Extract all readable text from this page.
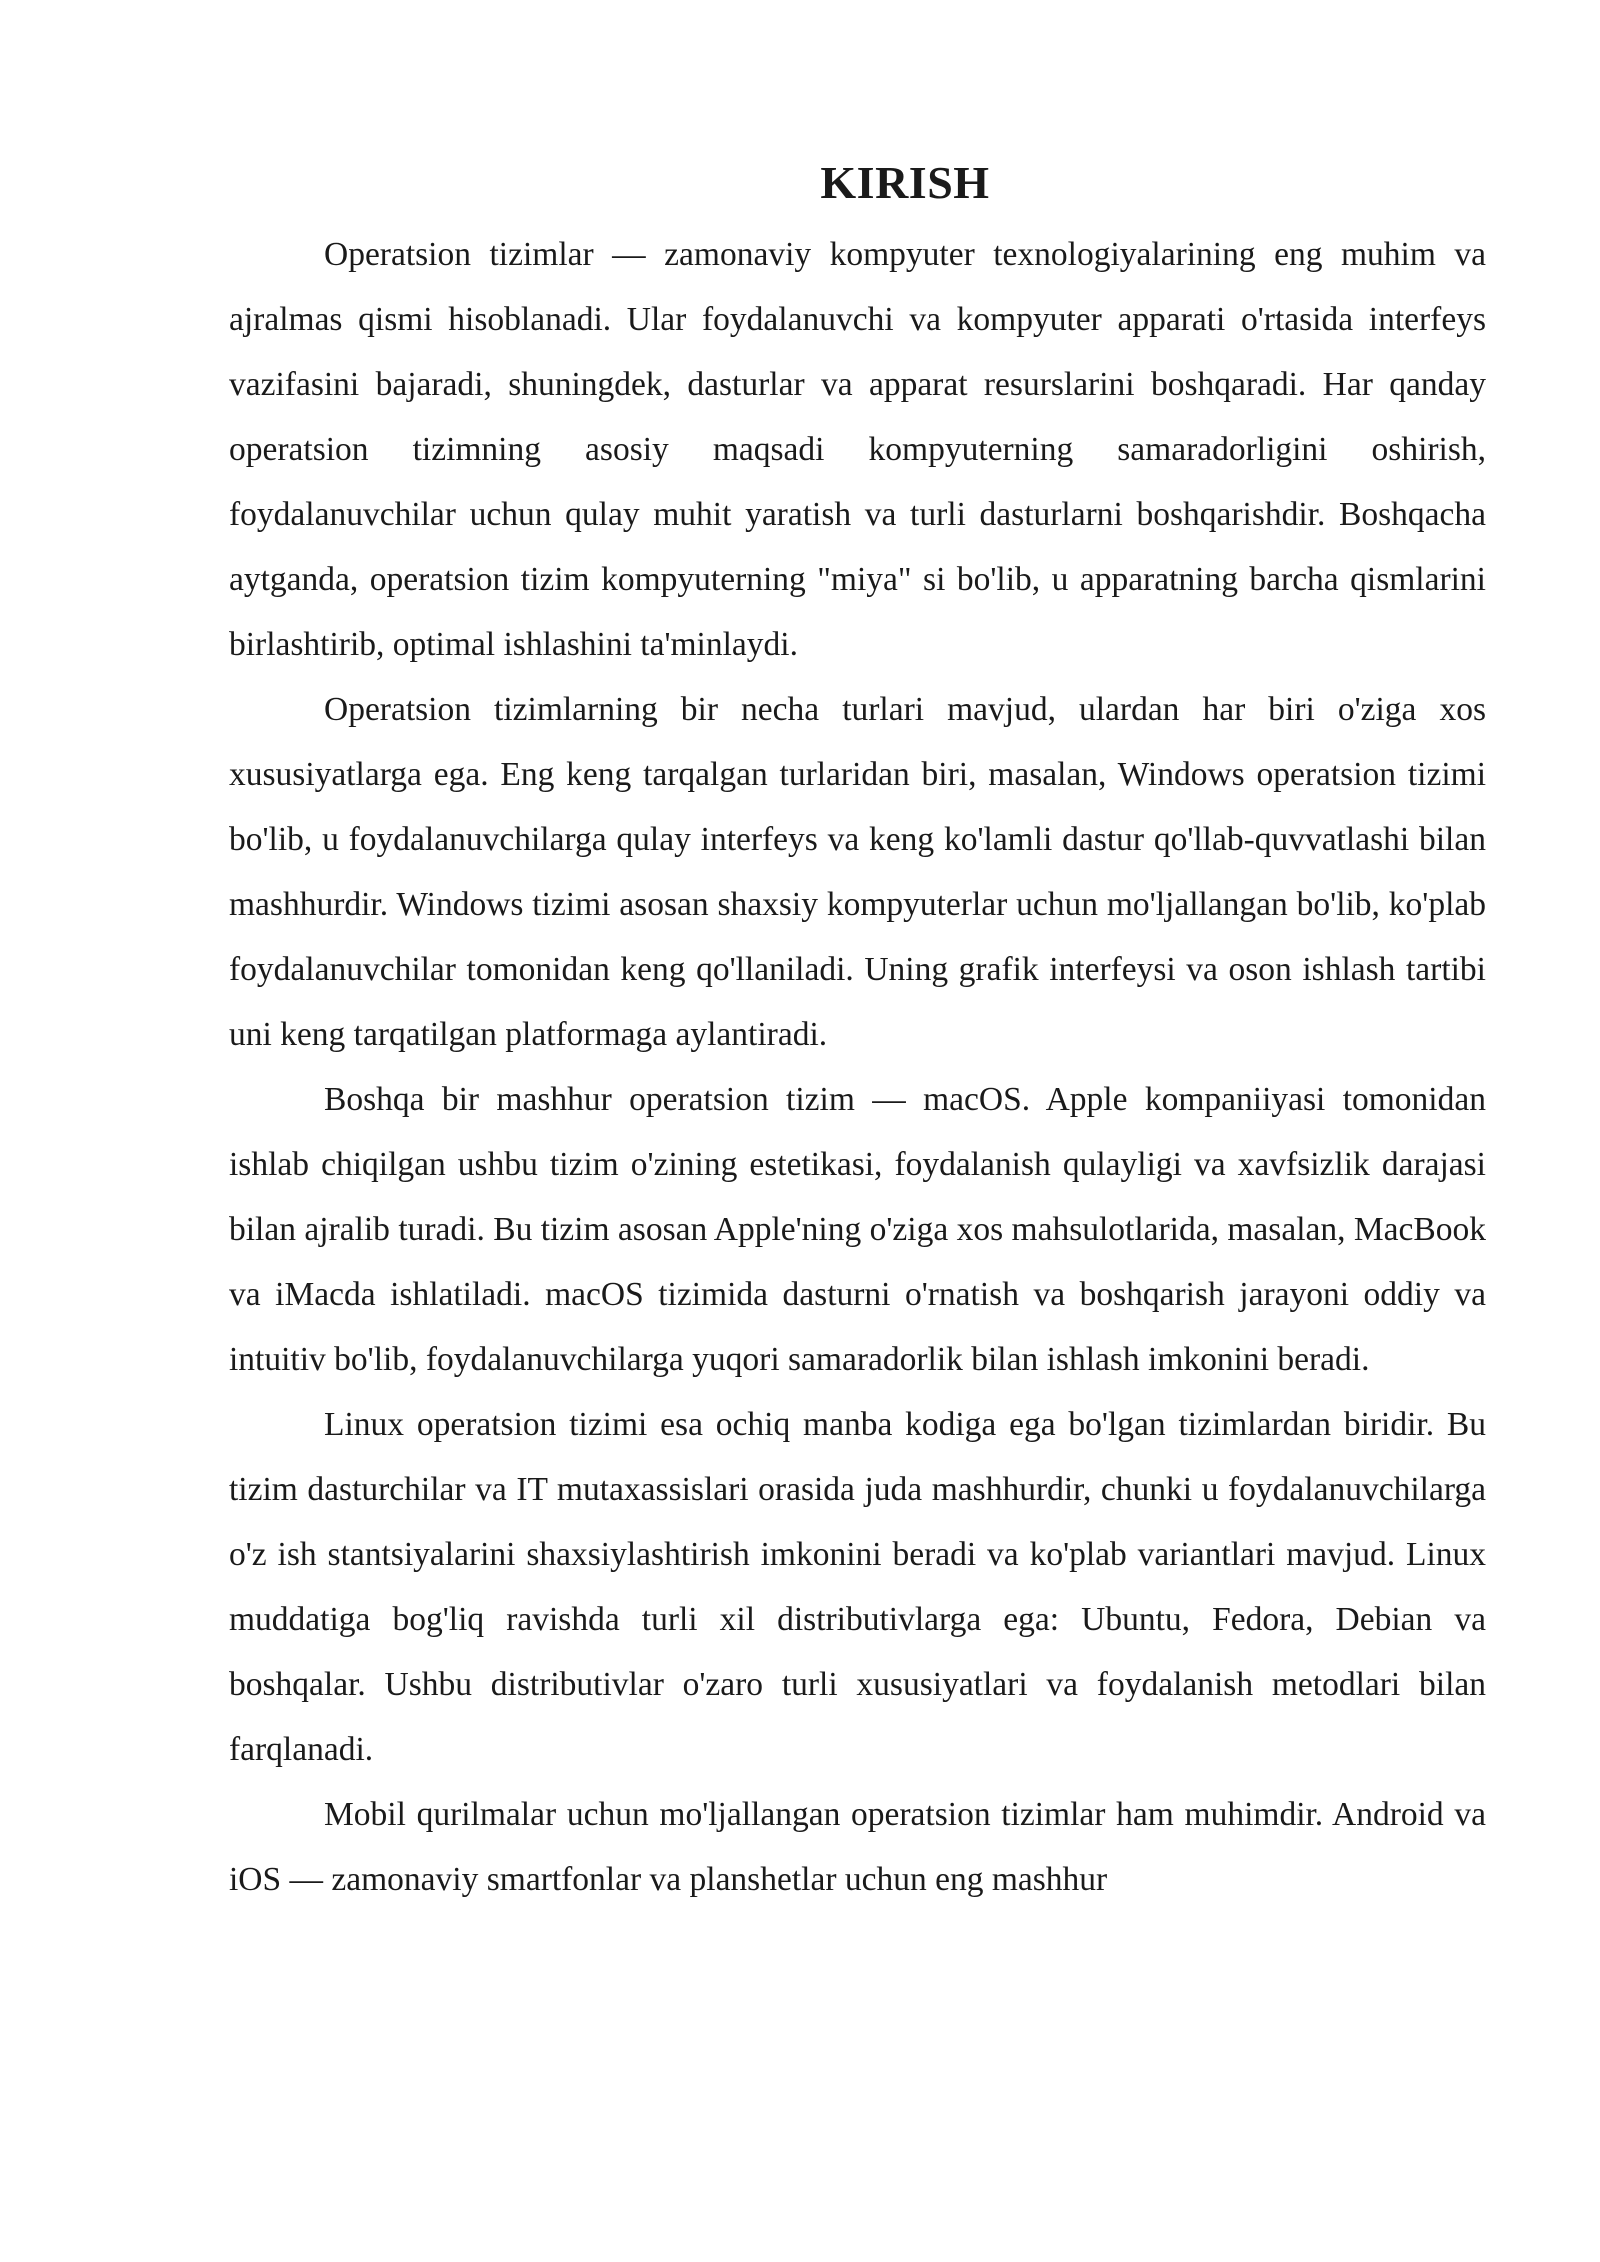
KIRISH

Operatsion tizimlar — zamonaviy kompyuter texnologiyalarining eng muhim va ajralmas qismi hisoblanadi. Ular foydalanuvchi va kompyuter apparati o'rtasida interfeys vazifasini bajaradi, shuningdek, dasturlar va apparat resurslarini boshqaradi. Har qanday operatsion tizimning asosiy maqsadi kompyuterning samaradorligini oshirish, foydalanuvchilar uchun qulay muhit yaratish va turli dasturlarni boshqarishdir. Boshqacha aytganda, operatsion tizim kompyuterning "miya" si bo'lib, u apparatning barcha qismlarini birlashtirib, optimal ishlashini ta'minlaydi.

Operatsion tizimlarning bir necha turlari mavjud, ulardan har biri o'ziga xos xususiyatlarga ega. Eng keng tarqalgan turlaridan biri, masalan, Windows operatsion tizimi bo'lib, u foydalanuvchilarga qulay interfeys va keng ko'lamli dastur qo'llab-quvvatlashi bilan mashhurdir. Windows tizimi asosan shaxsiy kompyuterlar uchun mo'ljallangan bo'lib, ko'plab foydalanuvchilar tomonidan keng qo'llaniladi. Uning grafik interfeysi va oson ishlash tartibi uni keng tarqatilgan platformaga aylantiradi.

Boshqa bir mashhur operatsion tizim — macOS. Apple kompaniiyasi tomonidan ishlab chiqilgan ushbu tizim o'zining estetikasi, foydalanish qulayligi va xavfsizlik darajasi bilan ajralib turadi. Bu tizim asosan Apple'ning o'ziga xos mahsulotlarida, masalan, MacBook va iMacda ishlatiladi. macOS tizimida dasturni o'rnatish va boshqarish jarayoni oddiy va intuitiv bo'lib, foydalanuvchilarga yuqori samaradorlik bilan ishlash imkonini beradi.

Linux operatsion tizimi esa ochiq manba kodiga ega bo'lgan tizimlardan biridir. Bu tizim dasturchilar va IT mutaxassislari orasida juda mashhurdir, chunki u foydalanuvchilarga o'z ish stantsiyalarini shaxsiylashtirish imkonini beradi va ko'plab variantlari mavjud. Linux muddatiga bog'liq ravishda turli xil distributivlarga ega: Ubuntu, Fedora, Debian va boshqalar. Ushbu distributivlar o'zaro turli xususiyatlari va foydalanish metodlari bilan farqlanadi.

Mobil qurilmalar uchun mo'ljallangan operatsion tizimlar ham muhimdir. Android va iOS — zamonaviy smartfonlar va planshetlar uchun eng mashhur
